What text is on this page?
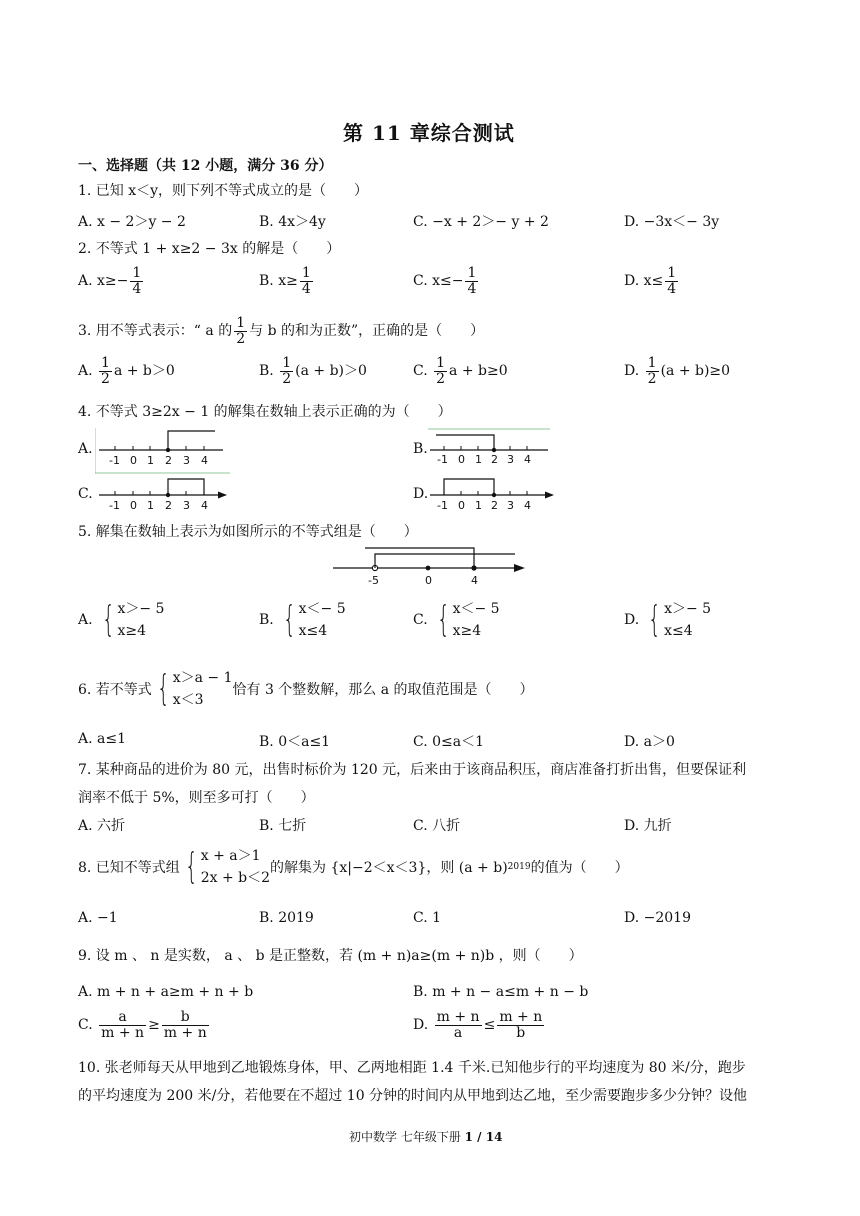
第 11 章综合测试
一、选择题（共 12 小题，满分 36 分）
1. 已知 x＜y，则下列不等式成立的是（　　）
A. x − 2＞y − 2	B. 4x＞4y	C. −x + 2＞− y + 2	D. −3x＜− 3y
2. 不等式 1 + x≥2 − 3x 的解是（　　）
A. $x\ge- \frac{1}{4}$	B. $x\ge \frac{1}{4}$	C. $x\le- \frac{1}{4}$	D. $x\le \frac{1}{4}$
3. 用不等式表示：“ a 的 $\frac{1}{2}$ 与 b 的和为正数”，正确的是（　　）
A. $\frac{1}{2}$ a + b＞0	B. $\frac{1}{2} (a + b)>0$	C. $\frac{1}{2}$ a + b≥0	D. $\frac{1}{2} (a + b)\ge 0$
4. 不等式 3≥2x − 1 的解集在数轴上表示正确的为（　　）
A.
-1 0 1 2 3 4
B.
-1 0 1 2 3 4
C.
-1 0 1 2 3 4
D.
-1 0 1 2 3 4
5. 解集在数轴上表示为如图所示的不等式组是（　　）
-5	0	4
A. { x＞− 5
x≥4
B. { x＜− 5
x≤4
C. { x＜− 5
x≥4
D. { x＞− 5
x≤4
6. 若不等式 { x＞a − 1
x＜3
恰有 3 个整数解，那么 a 的取值范围是（　　）
A. a≤1	B. 0＜a≤1	C. 0≤a＜1	D. a＞0
7. 某种商品的进价为 80 元，出售时标价为 120 元，后来由于该商品积压，商店准备打折出售，但要保证利
润率不低于 5%，则至多可打（　　）
A. 六折	B. 七折	C. 八折	D. 九折
8. 已知不等式组 { x + a＞1
2x + b＜2
的解集为 {x|−2＜x＜3}，则 (a + b) 2019 的值为（　　）
A. −1	B. 2019	C. 1	D. −2019
9. 设 m 、 n 是实数， a 、 b 是正整数，若 (m + n)a≥(m + n)b ，则（　　）
A. m + n + a≥m + n + b	B. m + n − a≤m + n − b
C. $\frac{a}{m + n} \ge \frac{b}{m + n}$	D. $\frac{m + n}{a} \le \frac{m + n}{b}$
10. 张老师每天从甲地到乙地锻炼身体，甲、乙两地相距 1.4 千米.已知他步行的平均速度为 80 米/分，跑步
的平均速度为 200 米/分，若他要在不超过 10 分钟的时间内从甲地到达乙地，至少需要跑步多少分钟？设他
初中数学 七年级下册 1 / 14
